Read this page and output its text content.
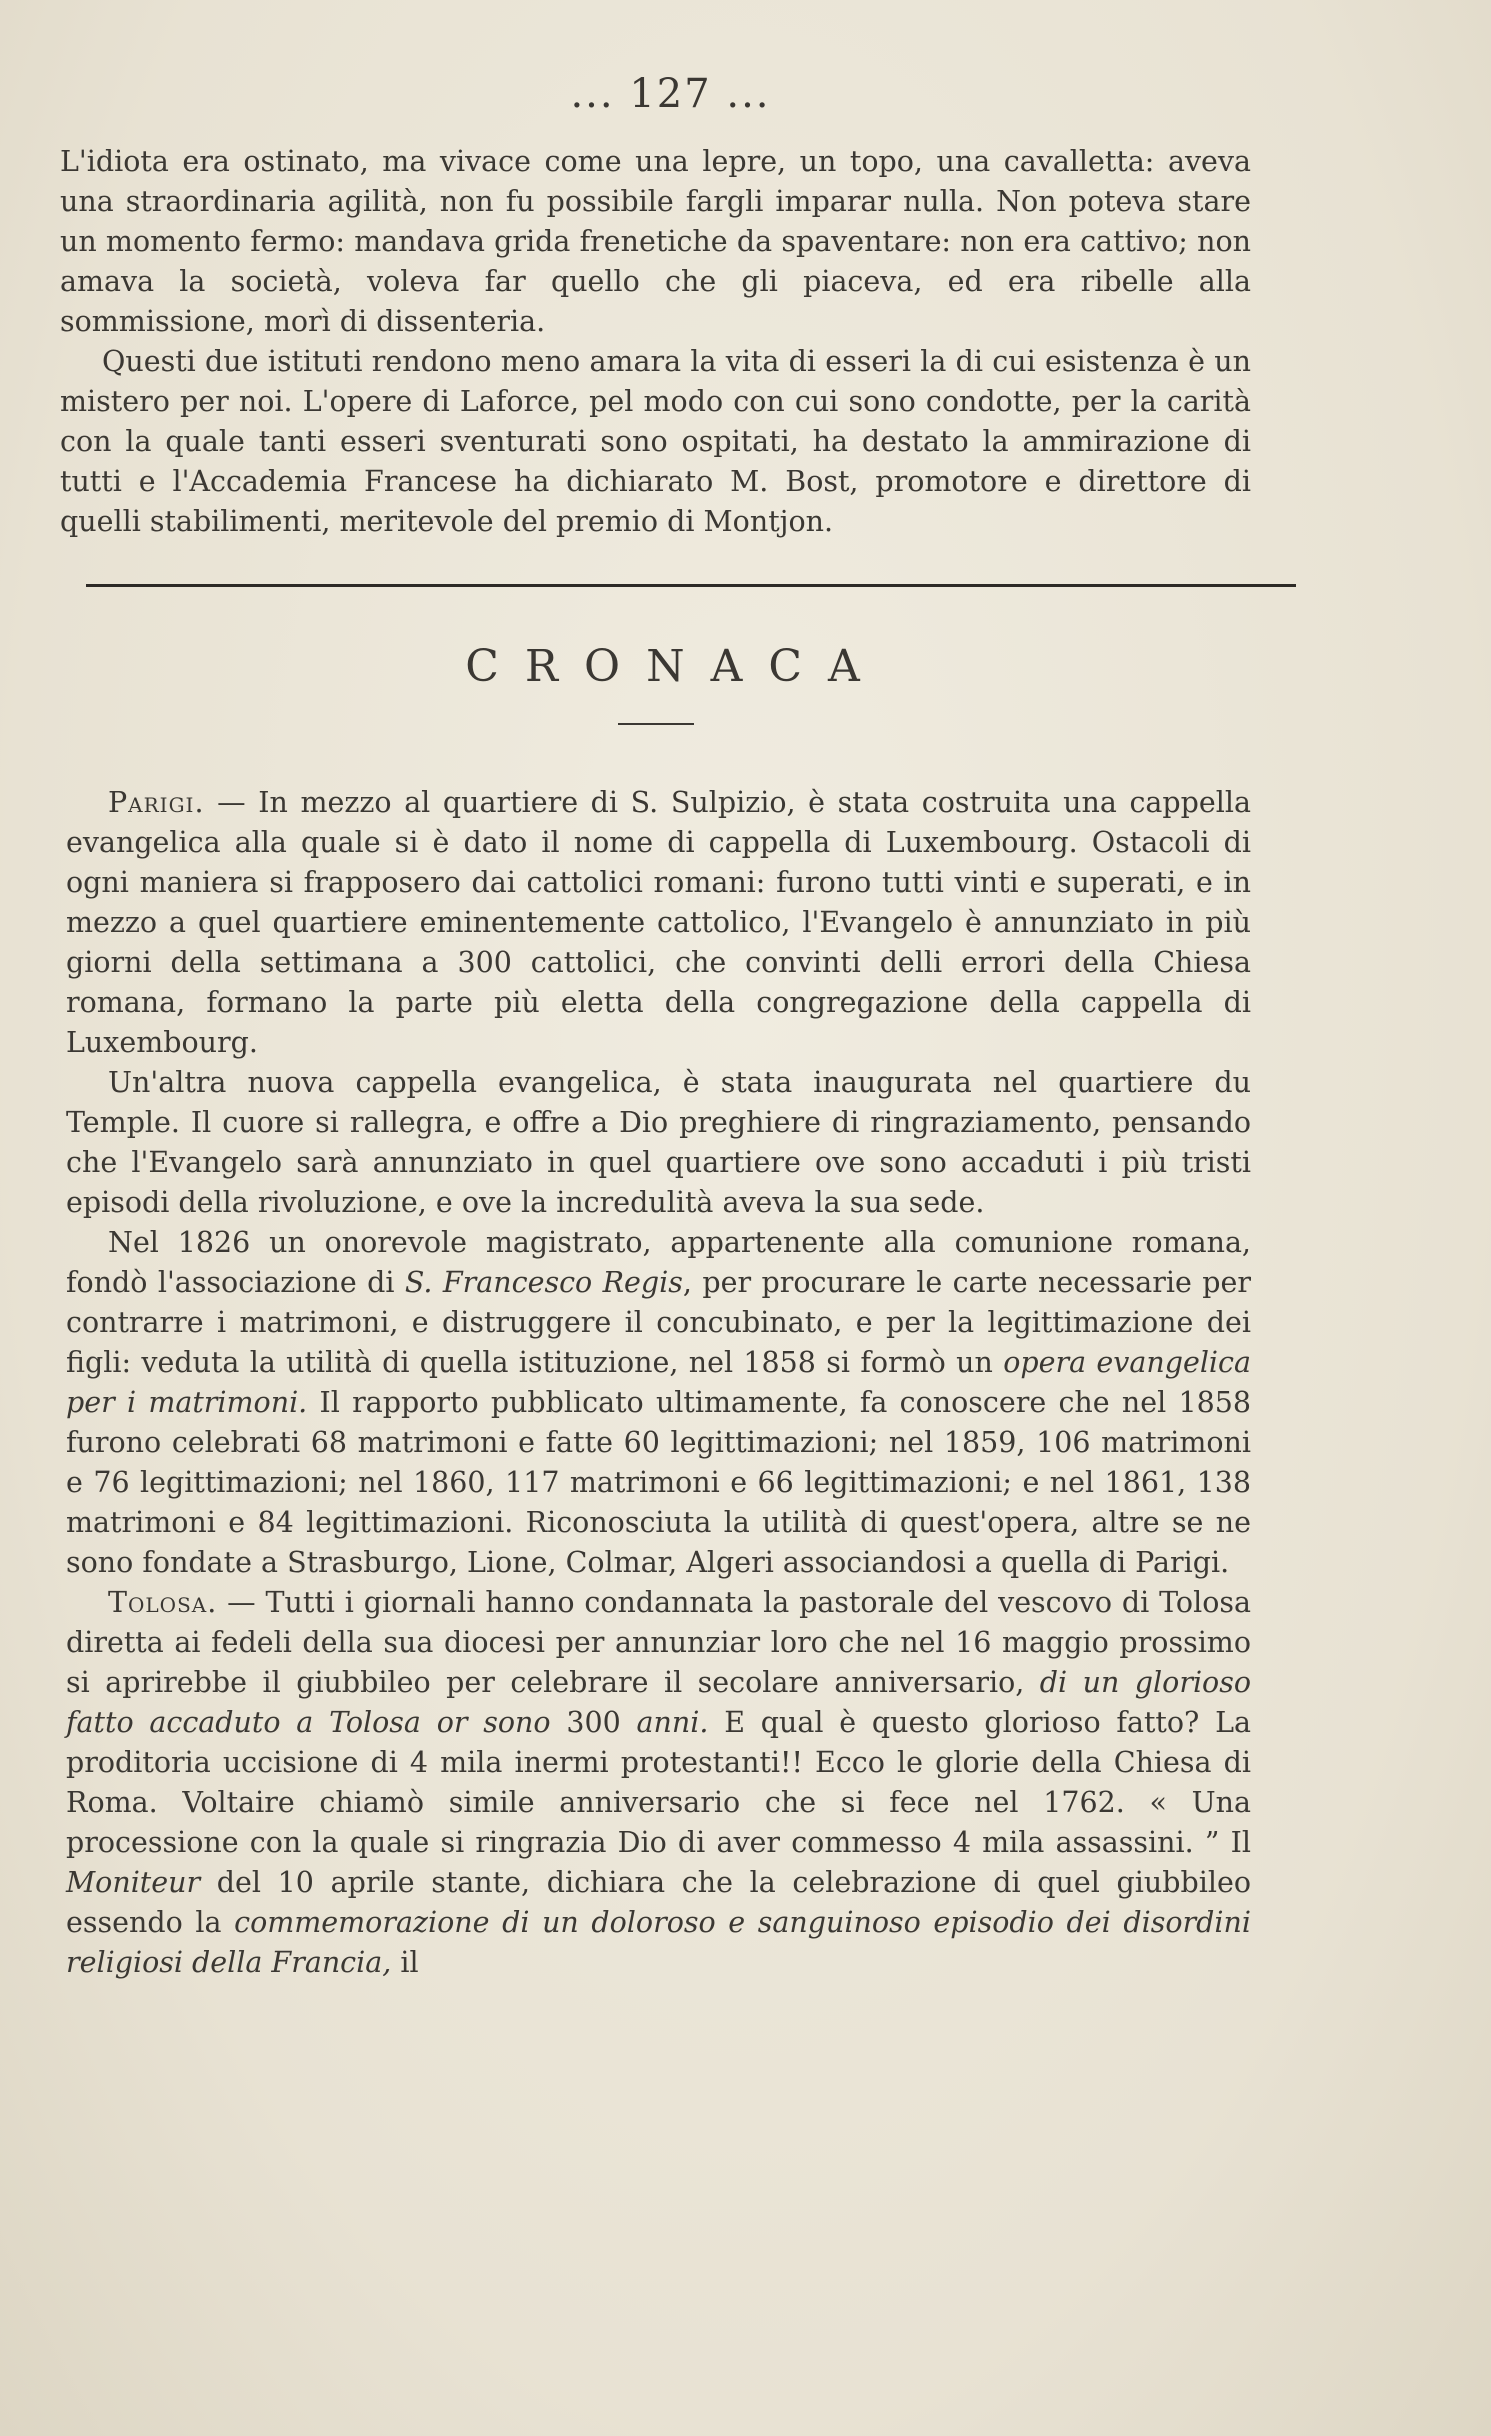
... 127 ...

L'idiota era ostinato, ma vivace come una lepre, un topo, una cavalletta: aveva una straordinaria agilità, non fu possibile fargli imparar nulla. Non poteva stare un momento fermo: mandava grida frenetiche da spaventare: non era cattivo; non amava la società, voleva far quello che gli piaceva, ed era ribelle alla sommissione, morì di dissenteria.

Questi due istituti rendono meno amara la vita di esseri la di cui esistenza è un mistero per noi. L'opere di Laforce, pel modo con cui sono condotte, per la carità con la quale tanti esseri sventurati sono ospitati, ha destato la ammirazione di tutti e l'Accademia Francese ha dichiarato M. Bost, promotore e direttore di quelli stabilimenti, meritevole del premio di Montjon.

CRONACA

Parigi. — In mezzo al quartiere di S. Sulpizio, è stata costruita una cappella evangelica alla quale si è dato il nome di cappella di Luxembourg. Ostacoli di ogni maniera si frapposero dai cattolici romani: furono tutti vinti e superati, e in mezzo a quel quartiere eminentemente cattolico, l'Evangelo è annunziato in più giorni della settimana a 300 cattolici, che convinti delli errori della Chiesa romana, formano la parte più eletta della congregazione della cappella di Luxembourg.

Un'altra nuova cappella evangelica, è stata inaugurata nel quartiere du Temple. Il cuore si rallegra, e offre a Dio preghiere di ringraziamento, pensando che l'Evangelo sarà annunziato in quel quartiere ove sono accaduti i più tristi episodi della rivoluzione, e ove la incredulità aveva la sua sede.

Nel 1826 un onorevole magistrato, appartenente alla comunione romana, fondò l'associazione di S. Francesco Regis, per procurare le carte necessarie per contrarre i matrimoni, e distruggere il concubinato, e per la legittimazione dei figli: veduta la utilità di quella istituzione, nel 1858 si formò un opera evangelica per i matrimoni. Il rapporto pubblicato ultimamente, fa conoscere che nel 1858 furono celebrati 68 matrimoni e fatte 60 legittimazioni; nel 1859, 106 matrimoni e 76 legittimazioni; nel 1860, 117 matrimoni e 66 legittimazioni; e nel 1861, 138 matrimoni e 84 legittimazioni. Riconosciuta la utilità di quest'opera, altre se ne sono fondate a Strasburgo, Lione, Colmar, Algeri associandosi a quella di Parigi.

Tolosa. — Tutti i giornali hanno condannata la pastorale del vescovo di Tolosa diretta ai fedeli della sua diocesi per annunziar loro che nel 16 maggio prossimo si aprirebbe il giubbileo per celebrare il secolare anniversario, di un glorioso fatto accaduto a Tolosa or sono 300 anni. E qual è questo glorioso fatto? La proditoria uccisione di 4 mila inermi protestanti!! Ecco le glorie della Chiesa di Roma. Voltaire chiamò simile anniversario che si fece nel 1762. « Una processione con la quale si ringrazia Dio di aver commesso 4 mila assassini. ” Il Moniteur del 10 aprile stante, dichiara che la celebrazione di quel giubbileo essendo la commemorazione di un doloroso e sanguinoso episodio dei disordini religiosi della Francia, il
